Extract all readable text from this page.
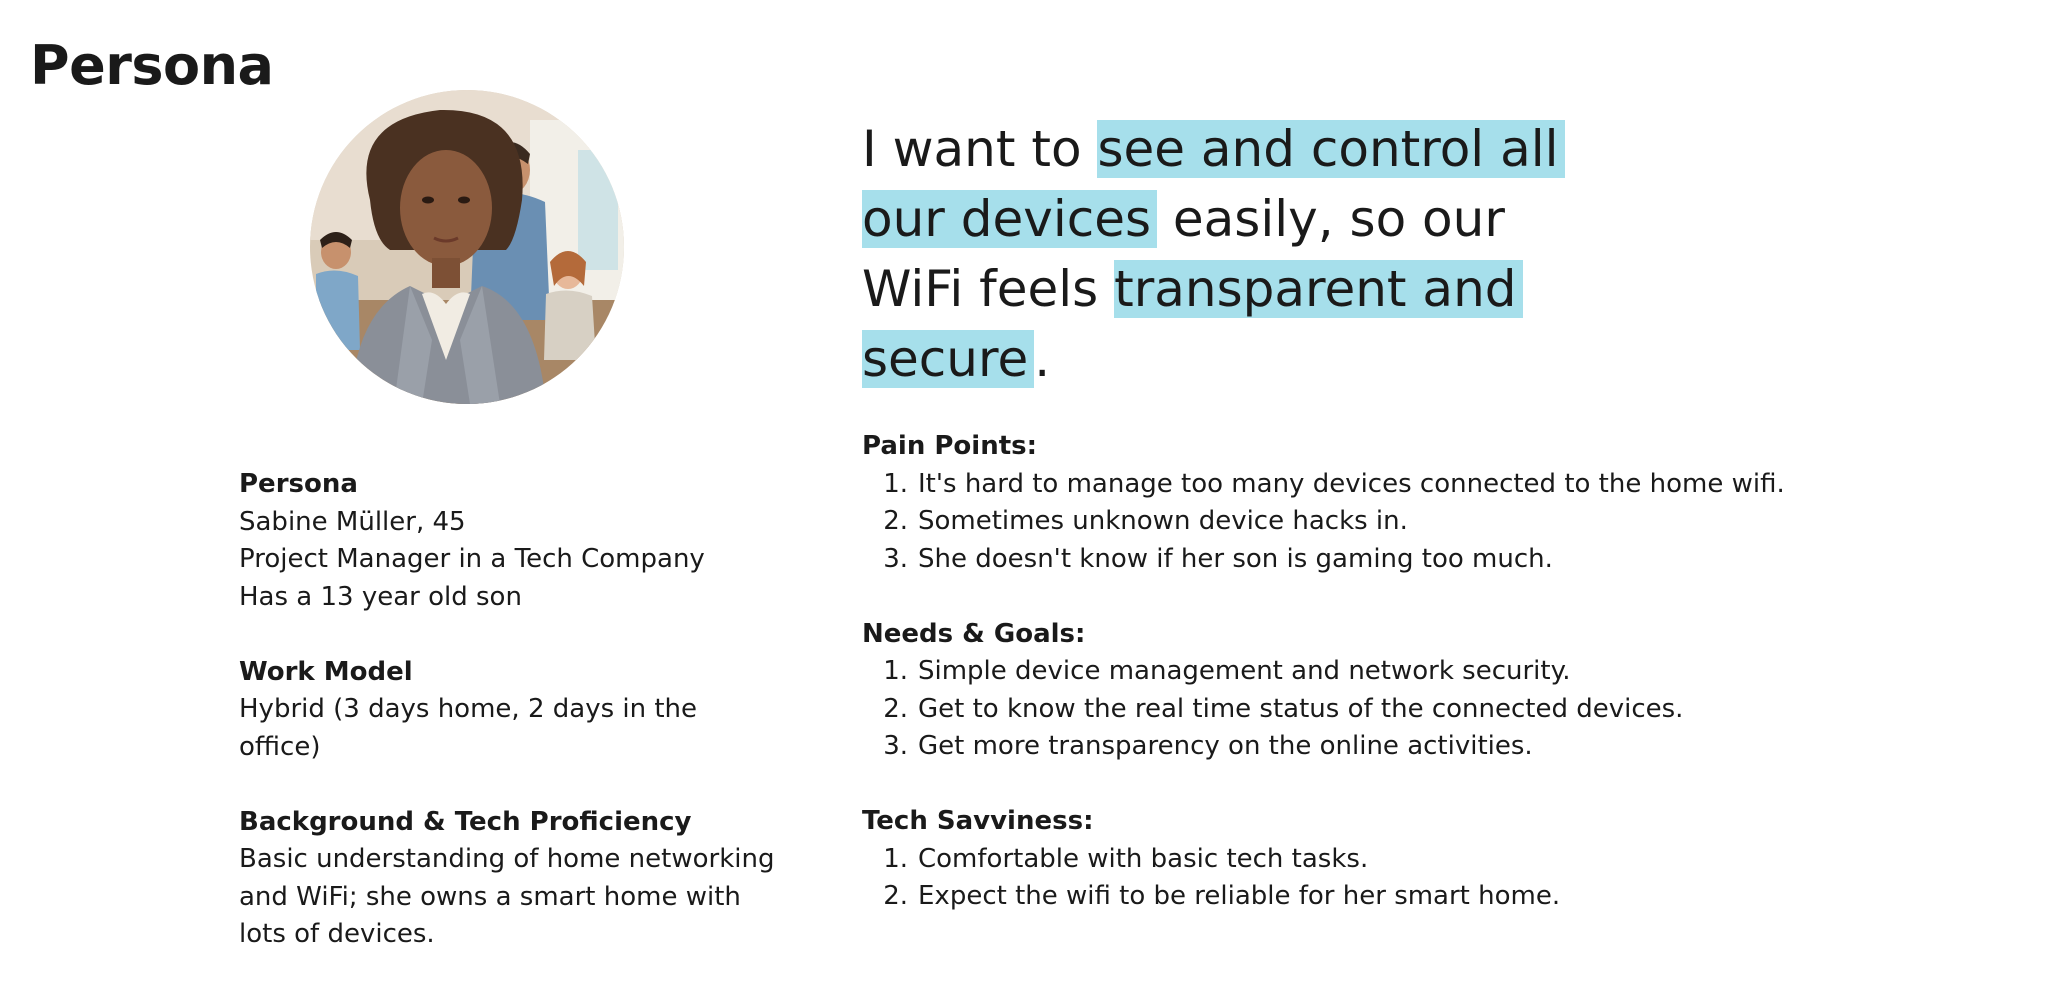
Persona
I want to see and control all our devices easily, so our WiFi feels transparent and secure .
Persona
Sabine Müller, 45
Project Manager in a Tech Company
Has a 13 year old son
Work Model
Hybrid (3 days home, 2 days in the office)
Background & Tech Proficiency
Basic understanding of home networking
and WiFi; she owns a smart home with
lots of devices.
Pain Points:
1. It's hard to manage too many devices connected to the home wifi.
2. Sometimes unknown device hacks in.
3. She doesn't know if her son is gaming too much.
Needs & Goals:
1. Simple device management and network security.
2. Get to know the real time status of the connected devices.
3. Get more transparency on the online activities.
Tech Savviness:
1. Comfortable with basic tech tasks.
2. Expect the wifi to be reliable for her smart home.
